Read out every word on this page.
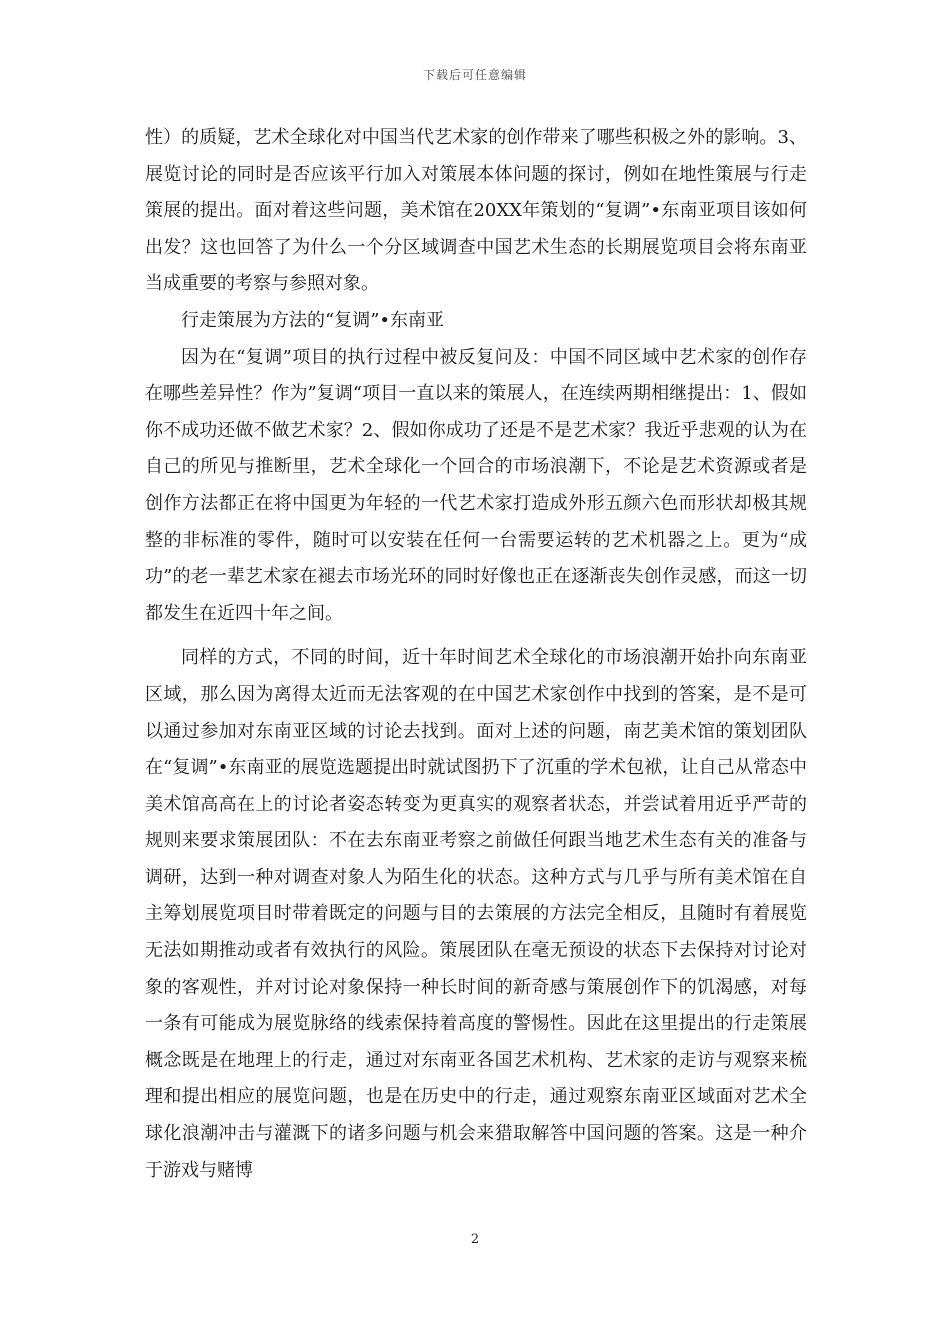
下载后可任意编辑

性）的质疑，艺术全球化对中国当代艺术家的创作带来了哪些积极之外的影响。3、展览讨论的同时是否应该平行加入对策展本体问题的探讨，例如在地性策展与行走策展的提出。面对着这些问题，美术馆在20XX年策划的“复调”•东南亚项目该如何出发？这也回答了为什么一个分区域调查中国艺术生态的长期展览项目会将东南亚当成重要的考察与参照对象。

行走策展为方法的“复调”•东南亚

因为在“复调”项目的执行过程中被反复问及：中国不同区域中艺术家的创作存在哪些差异性？作为”复调“项目一直以来的策展人，在连续两期相继提出：1、假如你不成功还做不做艺术家？2、假如你成功了还是不是艺术家？我近乎悲观的认为在自己的所见与推断里，艺术全球化一个回合的市场浪潮下，不论是艺术资源或者是创作方法都正在将中国更为年轻的一代艺术家打造成外形五颜六色而形状却极其规整的非标准的零件，随时可以安装在任何一台需要运转的艺术机器之上。更为“成功”的老一辈艺术家在褪去市场光环的同时好像也正在逐渐丧失创作灵感，而这一切都发生在近四十年之间。

同样的方式，不同的时间，近十年时间艺术全球化的市场浪潮开始扑向东南亚区域，那么因为离得太近而无法客观的在中国艺术家创作中找到的答案，是不是可以通过参加对东南亚区域的讨论去找到。面对上述的问题，南艺美术馆的策划团队在“复调”•东南亚的展览选题提出时就试图扔下了沉重的学术包袱，让自己从常态中美术馆高高在上的讨论者姿态转变为更真实的观察者状态，并尝试着用近乎严苛的规则来要求策展团队：不在去东南亚考察之前做任何跟当地艺术生态有关的准备与调研，达到一种对调查对象人为陌生化的状态。这种方式与几乎与所有美术馆在自主筹划展览项目时带着既定的问题与目的去策展的方法完全相反，且随时有着展览无法如期推动或者有效执行的风险。策展团队在毫无预设的状态下去保持对讨论对象的客观性，并对讨论对象保持一种长时间的新奇感与策展创作下的饥渴感，对每一条有可能成为展览脉络的线索保持着高度的警惕性。因此在这里提出的行走策展概念既是在地理上的行走，通过对东南亚各国艺术机构、艺术家的走访与观察来梳理和提出相应的展览问题，也是在历史中的行走，通过观察东南亚区域面对艺术全球化浪潮冲击与灌溉下的诸多问题与机会来猎取解答中国问题的答案。这是一种介于游戏与赌博

2
